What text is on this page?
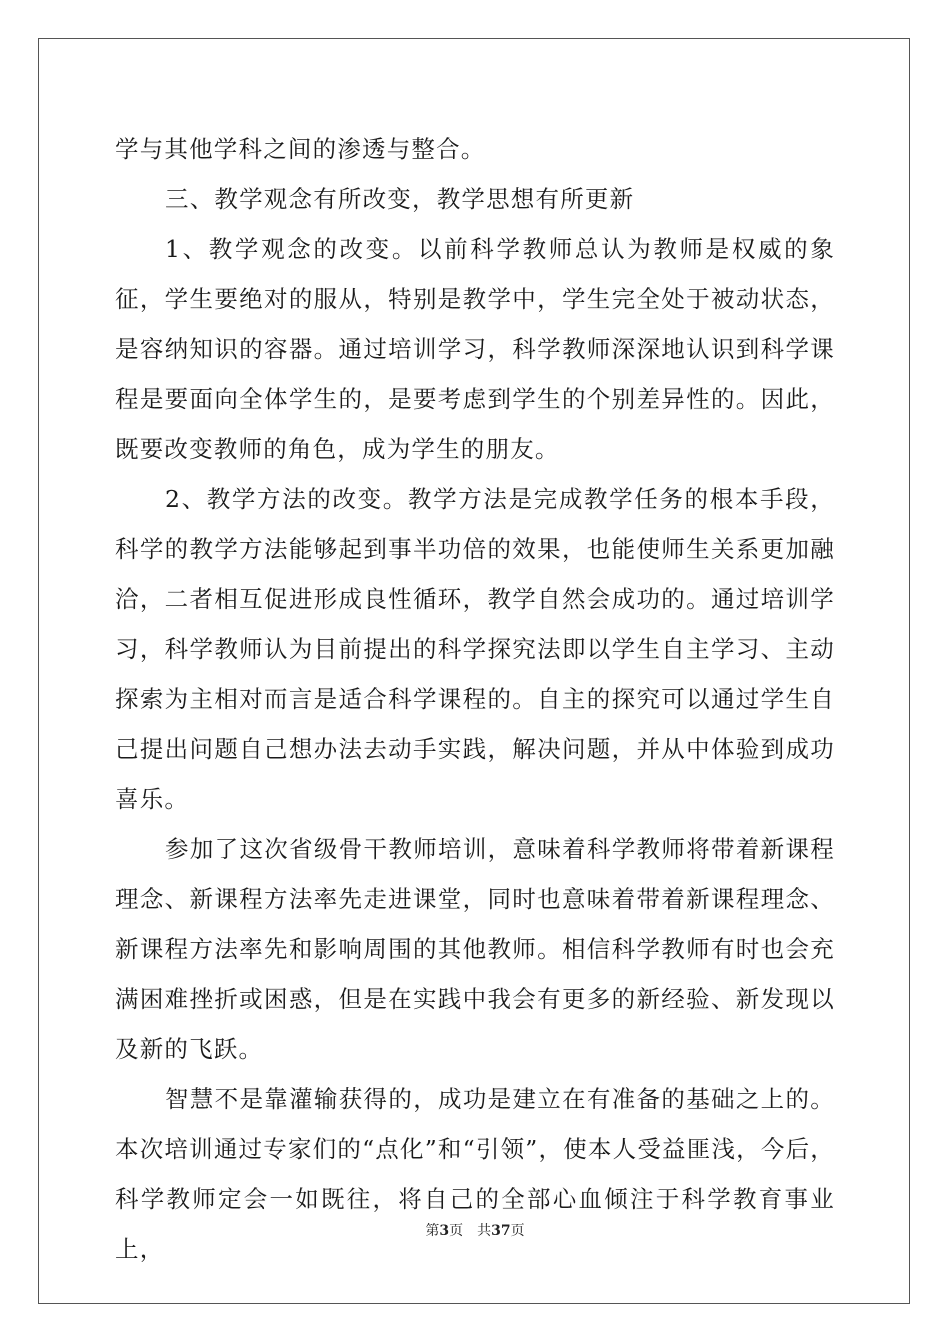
学与其他学科之间的渗透与整合。

三、教学观念有所改变，教学思想有所更新

1、教学观念的改变。以前科学教师总认为教师是权威的象征，学生要绝对的服从，特别是教学中，学生完全处于被动状态，是容纳知识的容器。通过培训学习，科学教师深深地认识到科学课程是要面向全体学生的，是要考虑到学生的个别差异性的。因此，既要改变教师的角色，成为学生的朋友。

2、教学方法的改变。教学方法是完成教学任务的根本手段，科学的教学方法能够起到事半功倍的效果，也能使师生关系更加融洽，二者相互促进形成良性循环，教学自然会成功的。通过培训学习，科学教师认为目前提出的科学探究法即以学生自主学习、主动探索为主相对而言是适合科学课程的。自主的探究可以通过学生自己提出问题自己想办法去动手实践，解决问题，并从中体验到成功喜乐。

参加了这次省级骨干教师培训，意味着科学教师将带着新课程理念、新课程方法率先走进课堂，同时也意味着带着新课程理念、新课程方法率先和影响周围的其他教师。相信科学教师有时也会充满困难挫折或困惑，但是在实践中我会有更多的新经验、新发现以及新的飞跃。

智慧不是靠灌输获得的，成功是建立在有准备的基础之上的。本次培训通过专家们的“点化”和“引领”，使本人受益匪浅，今后，科学教师定会一如既往，将自己的全部心血倾注于科学教育事业上，

第3页 共37页
